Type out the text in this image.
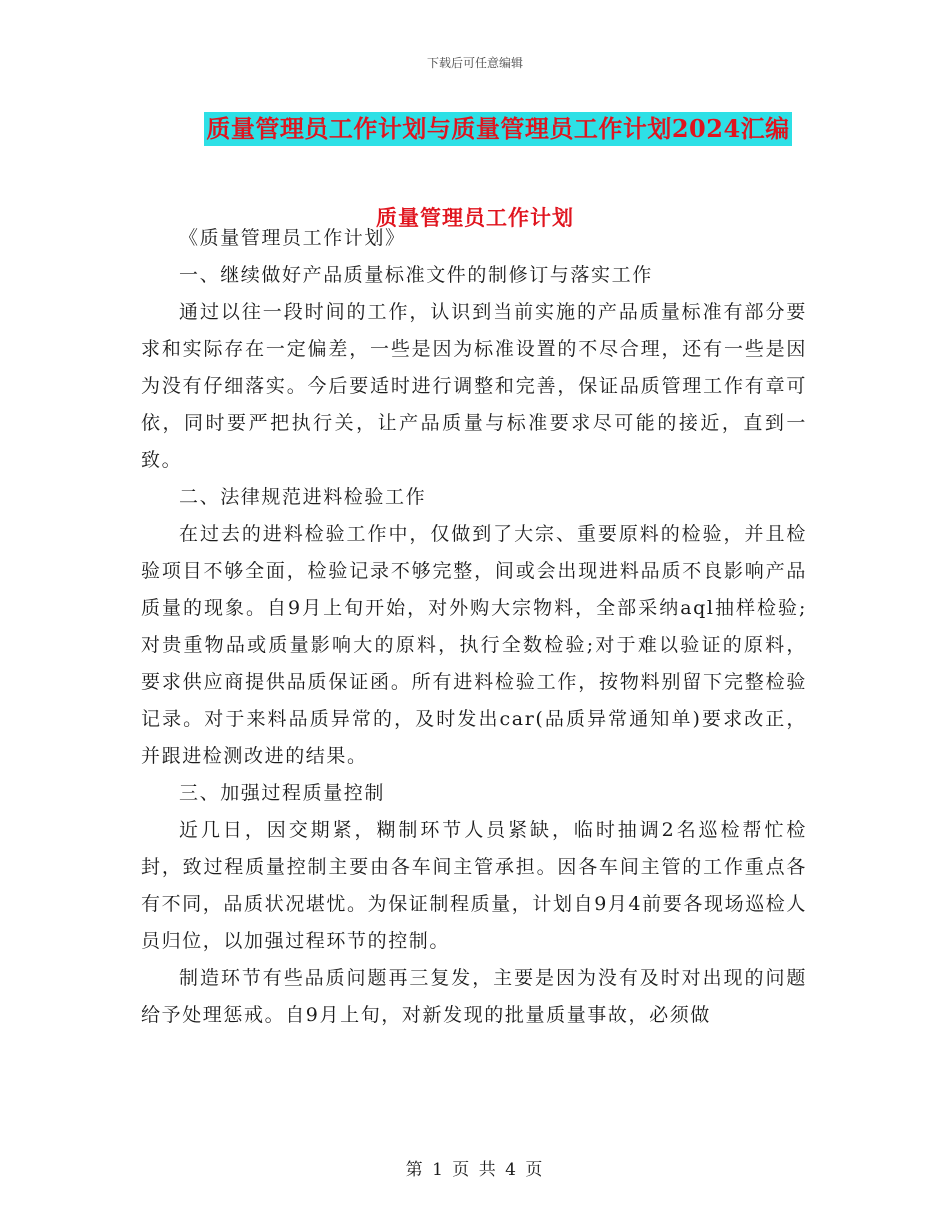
下载后可任意编辑
质量管理员工作计划与质量管理员工作计划2024汇编
质量管理员工作计划

《质量管理员工作计划》

一、继续做好产品质量标准文件的制修订与落实工作

通过以往一段时间的工作，认识到当前实施的产品质量标准有部分要求和实际存在一定偏差，一些是因为标准设置的不尽合理，还有一些是因为没有仔细落实。今后要适时进行调整和完善，保证品质管理工作有章可依，同时要严把执行关，让产品质量与标准要求尽可能的接近，直到一致。

二、法律规范进料检验工作

在过去的进料检验工作中，仅做到了大宗、重要原料的检验，并且检验项目不够全面，检验记录不够完整，间或会出现进料品质不良影响产品质量的现象。自9月上旬开始，对外购大宗物料，全部采纳aql抽样检验;对贵重物品或质量影响大的原料，执行全数检验;对于难以验证的原料，要求供应商提供品质保证函。所有进料检验工作，按物料别留下完整检验记录。对于来料品质异常的，及时发出car(品质异常通知单)要求改正，并跟进检测改进的结果。

三、加强过程质量控制

近几日，因交期紧，糊制环节人员紧缺，临时抽调2名巡检帮忙检封，致过程质量控制主要由各车间主管承担。因各车间主管的工作重点各有不同，品质状况堪忧。为保证制程质量，计划自9月4前要各现场巡检人员归位，以加强过程环节的控制。

制造环节有些品质问题再三复发，主要是因为没有及时对出现的问题给予处理惩戒。自9月上旬，对新发现的批量质量事故，必须做

第 1 页 共 4 页
